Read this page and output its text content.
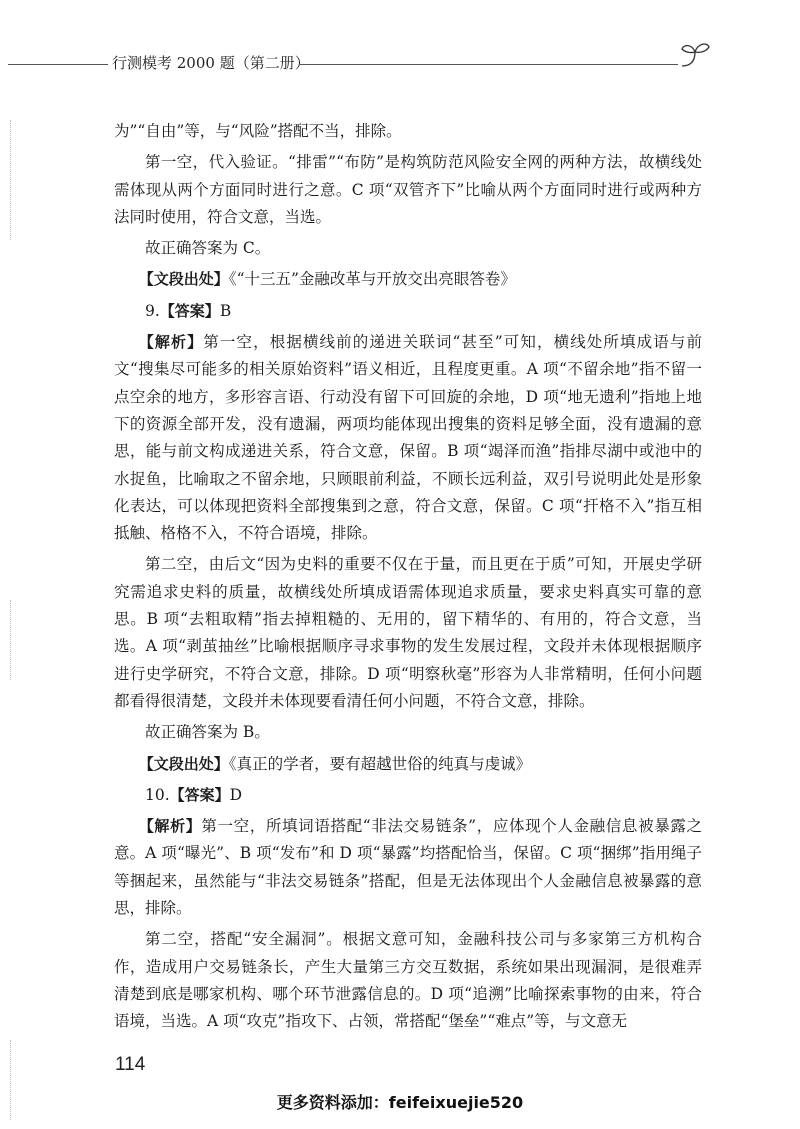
行测模考 2000 题（第二册）

为”“自由”等，与“风险”搭配不当，排除。

第一空，代入验证。“排雷”“布防”是构筑防范风险安全网的两种方法，故横线处需体现从两个方面同时进行之意。C 项“双管齐下”比喻从两个方面同时进行或两种方法同时使用，符合文意，当选。

故正确答案为 C。

【文段出处】《“十三五”金融改革与开放交出亮眼答卷》

9.【答案】B

【解析】第一空，根据横线前的递进关联词“甚至”可知，横线处所填成语与前文“搜集尽可能多的相关原始资料”语义相近，且程度更重。A 项“不留余地”指不留一点空余的地方，多形容言语、行动没有留下可回旋的余地，D 项“地无遗利”指地上地下的资源全部开发，没有遗漏，两项均能体现出搜集的资料足够全面，没有遗漏的意思，能与前文构成递进关系，符合文意，保留。B 项“竭泽而渔”指排尽湖中或池中的水捉鱼，比喻取之不留余地，只顾眼前利益，不顾长远利益，双引号说明此处是形象化表达，可以体现把资料全部搜集到之意，符合文意，保留。C 项“扞格不入”指互相抵触、格格不入，不符合语境，排除。

第二空，由后文“因为史料的重要不仅在于量，而且更在于质”可知，开展史学研究需追求史料的质量，故横线处所填成语需体现追求质量，要求史料真实可靠的意思。B 项“去粗取精”指去掉粗糙的、无用的，留下精华的、有用的，符合文意，当选。A 项“剥茧抽丝”比喻根据顺序寻求事物的发生发展过程，文段并未体现根据顺序进行史学研究，不符合文意，排除。D 项“明察秋毫”形容为人非常精明，任何小问题都看得很清楚，文段并未体现要看清任何小问题，不符合文意，排除。

故正确答案为 B。

【文段出处】《真正的学者，要有超越世俗的纯真与虔诚》

10.【答案】D

【解析】第一空，所填词语搭配“非法交易链条”，应体现个人金融信息被暴露之意。A 项“曝光”、B 项“发布”和 D 项“暴露”均搭配恰当，保留。C 项“捆绑”指用绳子等捆起来，虽然能与“非法交易链条”搭配，但是无法体现出个人金融信息被暴露的意思，排除。

第二空，搭配“安全漏洞”。根据文意可知，金融科技公司与多家第三方机构合作，造成用户交易链条长，产生大量第三方交互数据，系统如果出现漏洞，是很难弄清楚到底是哪家机构、哪个环节泄露信息的。D 项“追溯”比喻探索事物的由来，符合语境，当选。A 项“攻克”指攻下、占领，常搭配“堡垒”“难点”等，与文意无

114
更多资料添加：feifeixuejie520
